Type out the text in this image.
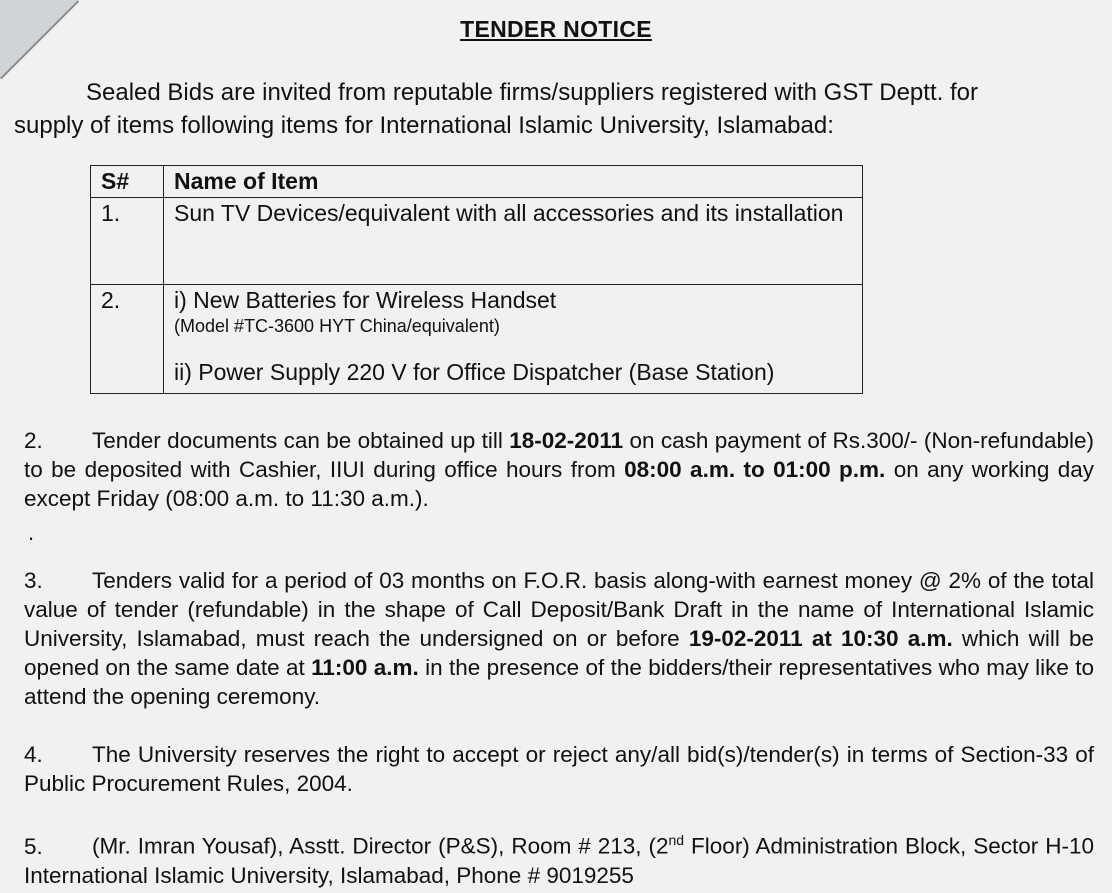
TENDER NOTICE
Sealed Bids are invited from reputable firms/suppliers registered with GST Deptt. for
supply of items following items for International Islamic University, Islamabad:
S#	Name of Item
1.	Sun TV Devices/equivalent with all accessories and its installation
2.	i) New Batteries for Wireless Handset
(Model #TC-3600 HYT China/equivalent)
ii) Power Supply 220 V for Office Dispatcher (Base Station)
2. Tender documents can be obtained up till 18-02-2011 on cash payment of Rs.300/- (Non-refundable) to be deposited with Cashier, IIUI during office hours from 08:00 a.m. to 01:00 p.m. on any working day except Friday (08:00 a.m. to 11:30 a.m.).
.
3. Tenders valid for a period of 03 months on F.O.R. basis along-with earnest money @ 2% of the total value of tender (refundable) in the shape of Call Deposit/Bank Draft in the name of International Islamic University, Islamabad, must reach the undersigned on or before 19-02-2011 at 10:30 a.m. which will be opened on the same date at 11:00 a.m. in the presence of the bidders/their representatives who may like to attend the opening ceremony.
4. The University reserves the right to accept or reject any/all bid(s)/tender(s) in terms of Section-33 of Public Procurement Rules, 2004.
5. (Mr. Imran Yousaf), Asstt. Director (P&S), Room # 213, (2nd Floor) Administration Block, Sector H-10 International Islamic University, Islamabad, Phone # 9019255
